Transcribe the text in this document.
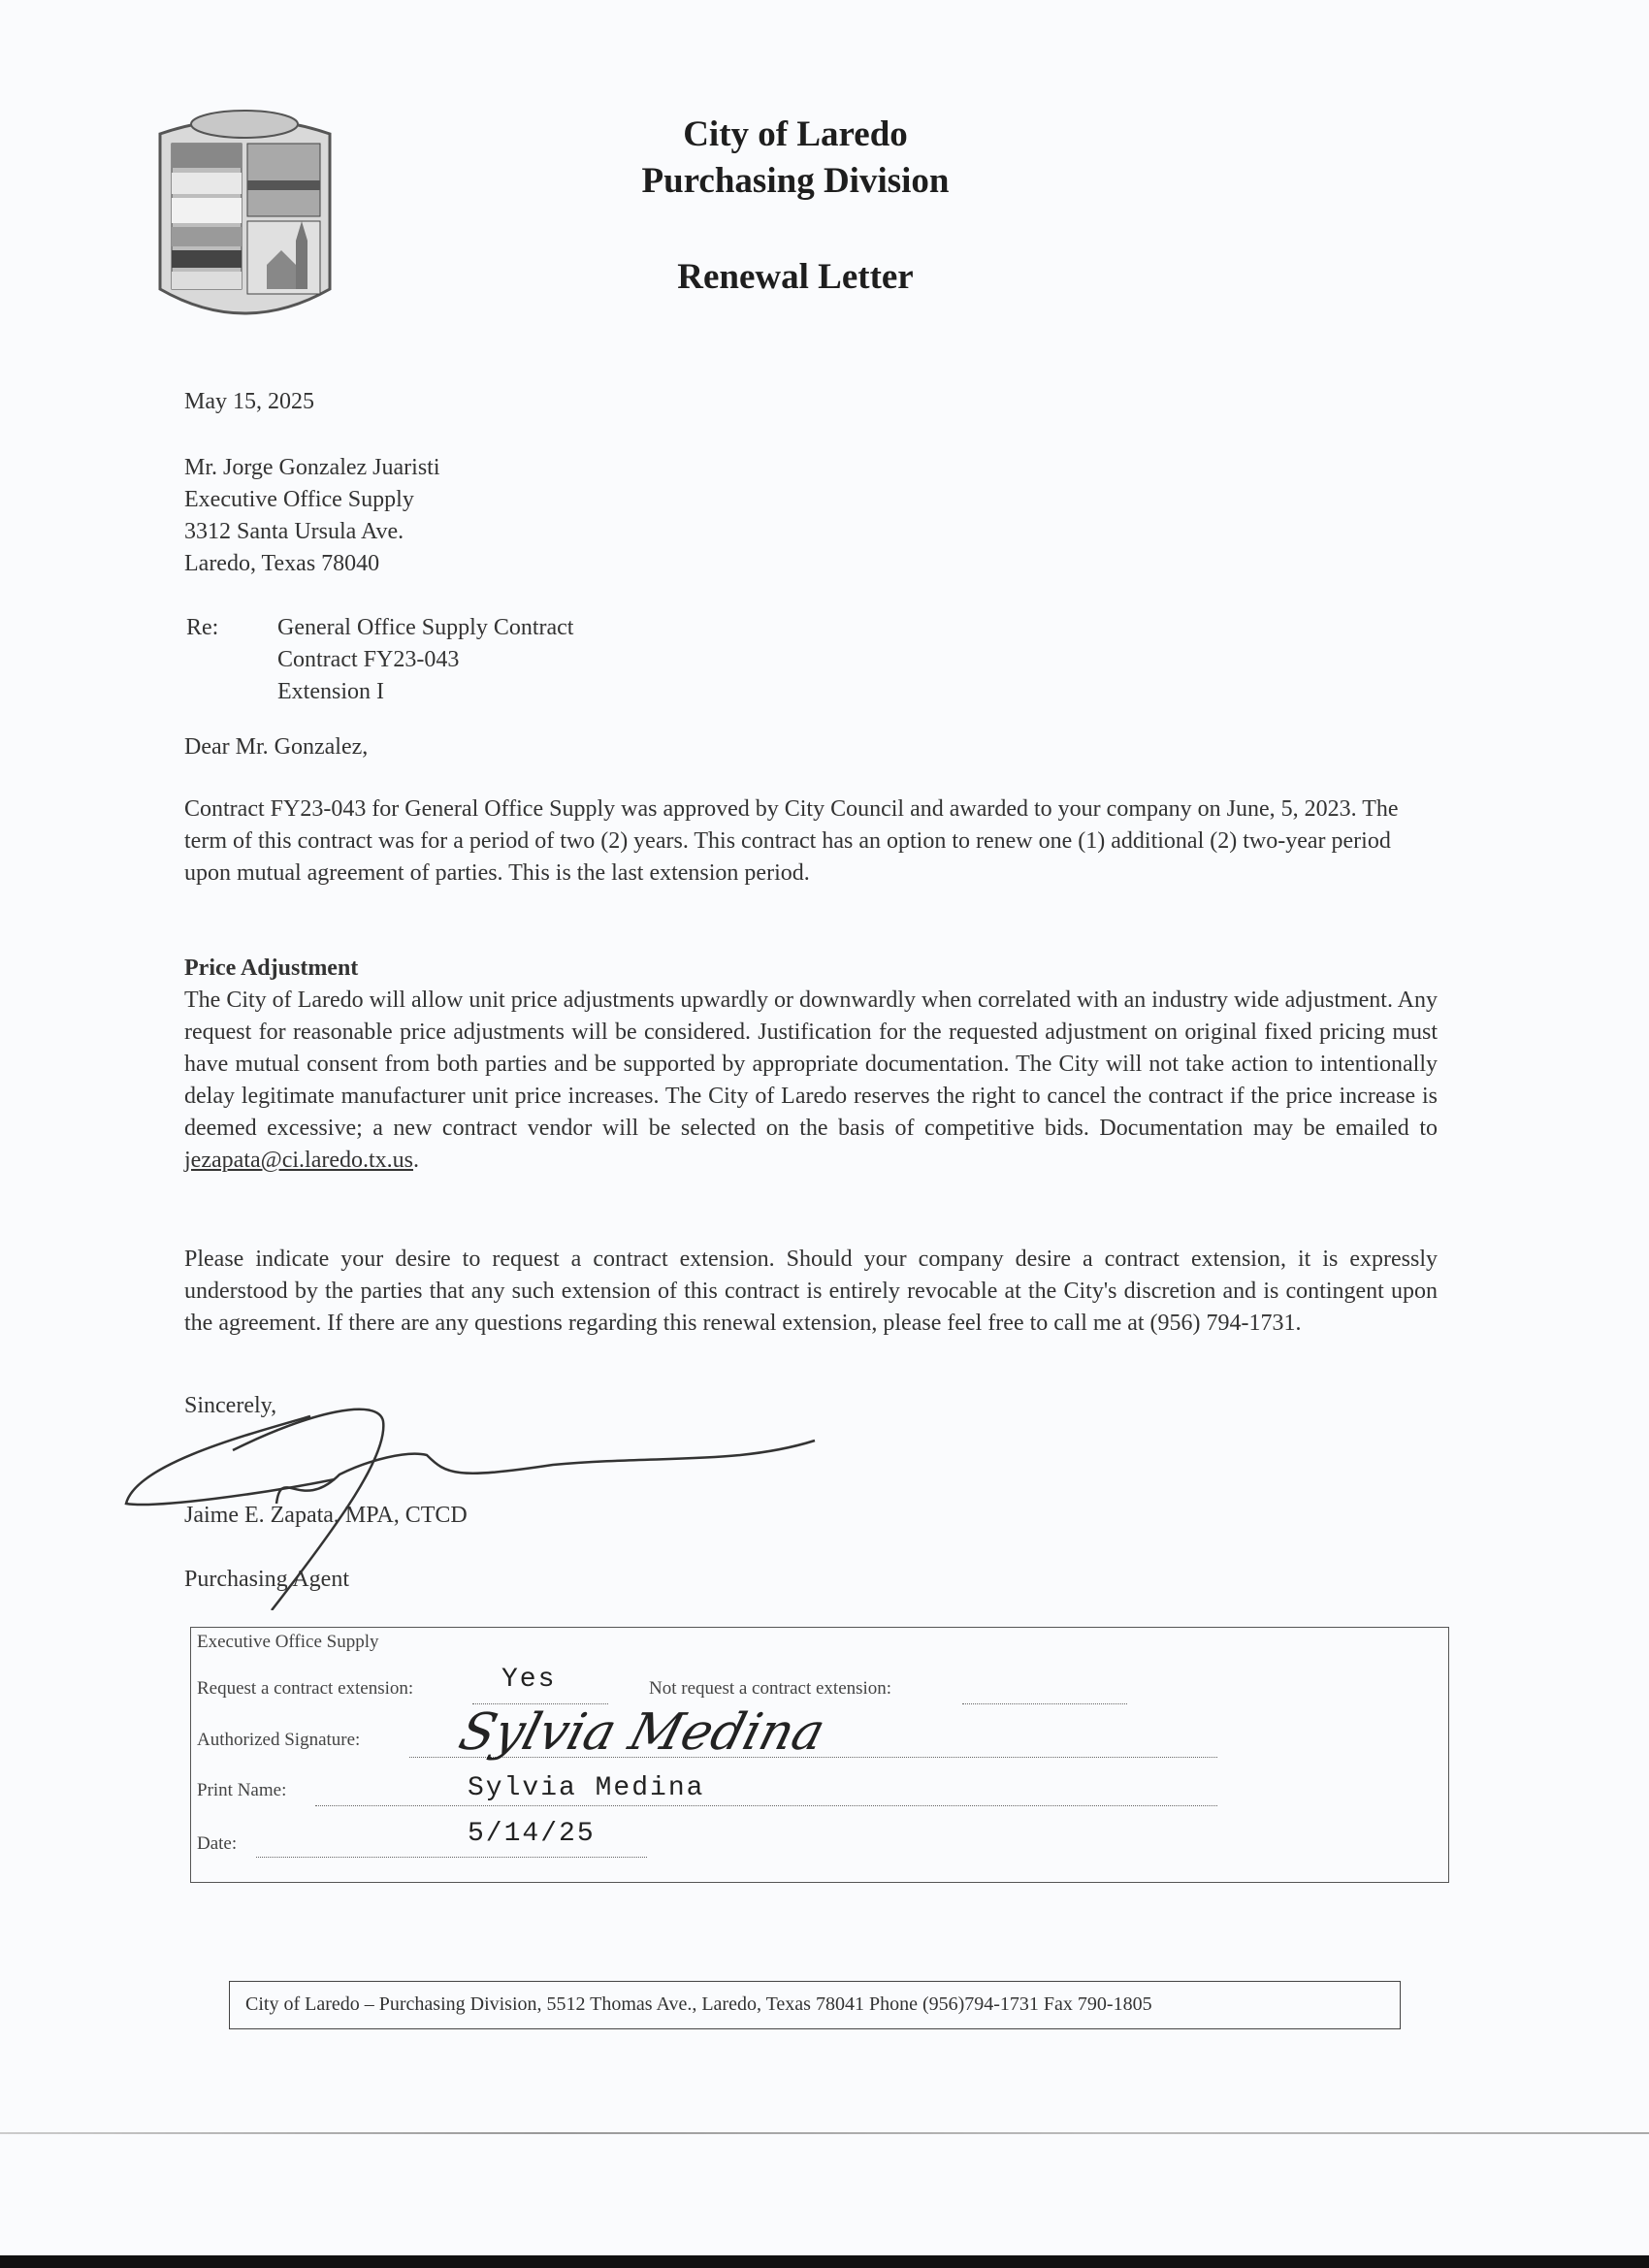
City of Laredo
Purchasing Division
Renewal Letter
May 15, 2025
Mr. Jorge Gonzalez Juaristi
Executive Office Supply
3312 Santa Ursula Ave.
Laredo, Texas 78040
Re:	General Office Supply Contract
Contract FY23-043
Extension I
Dear Mr. Gonzalez,
Contract FY23-043 for General Office Supply was approved by City Council and awarded to your company on June, 5, 2023. The term of this contract was for a period of two (2) years. This contract has an option to renew one (1) additional (2) two-year period upon mutual agreement of parties. This is the last extension period.
Price Adjustment
The City of Laredo will allow unit price adjustments upwardly or downwardly when correlated with an industry wide adjustment. Any request for reasonable price adjustments will be considered. Justification for the requested adjustment on original fixed pricing must have mutual consent from both parties and be supported by appropriate documentation. The City will not take action to intentionally delay legitimate manufacturer unit price increases. The City of Laredo reserves the right to cancel the contract if the price increase is deemed excessive; a new contract vendor will be selected on the basis of competitive bids. Documentation may be emailed to jezapata@ci.laredo.tx.us.
Please indicate your desire to request a contract extension. Should your company desire a contract extension, it is expressly understood by the parties that any such extension of this contract is entirely revocable at the City's discretion and is contingent upon the agreement. If there are any questions regarding this renewal extension, please feel free to call me at (956) 794-1731.
Sincerely,
Jaime E. Zapata, MPA, CTCD
Purchasing Agent
Executive Office Supply
Request a contract extension:	Yes	Not request a contract extension:
Authorized Signature: Sylvia Medina
Print Name:	Sylvia Medina
Date:	5/14/25
City of Laredo – Purchasing Division, 5512 Thomas Ave., Laredo, Texas 78041 Phone (956)794-1731 Fax 790-1805
